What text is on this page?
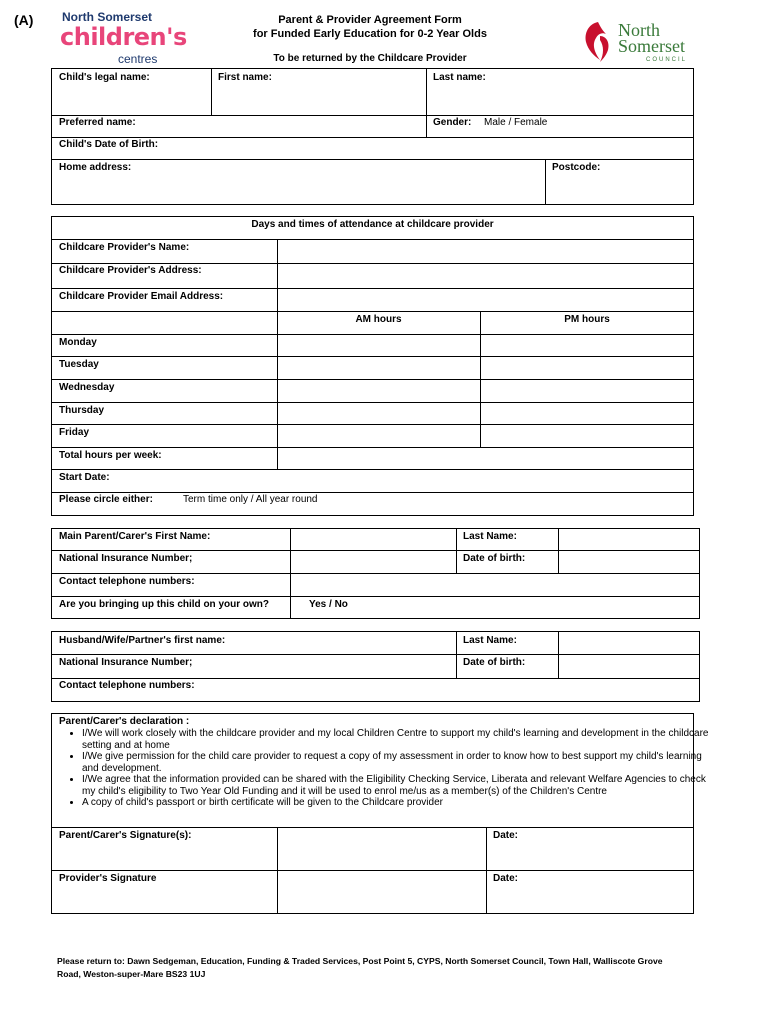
(A) North Somerset
children's
centres
Parent & Provider Agreement Form
for Funded Early Education for 0-2 Year Olds
To be returned by the Childcare Provider
North
Somerset
COUNCIL
Child's legal name:	First name:	Last name:
Preferred name:	Gender: Male / Female
Child's Date of Birth:
Home address:	Postcode:
Days and times of attendance at childcare provider
Childcare Provider's Name:
Childcare Provider's Address:
Childcare Provider Email Address:
AM hours	PM hours
Monday
Tuesday
Wednesday
Thursday
Friday
Total hours per week:
Start Date:
Please circle either:	Term time only / All year round
Main Parent/Carer's First Name:	Last Name:
National Insurance Number;	Date of birth:
Contact telephone numbers:
Are you bringing up this child on your own?	Yes / No
Husband/Wife/Partner's first name:	Last Name:
National Insurance Number;	Date of birth:
Contact telephone numbers:
Parent/Carer's declaration :
• I/We will work closely with the childcare provider and my local Children Centre to support my child's learning and development in the childcare setting and at home
• I/We give permission for the child care provider to request a copy of my assessment in order to know how to best support my child's learning and development.
• I/We agree that the information provided can be shared with the Eligibility Checking Service, Liberata and relevant Welfare Agencies to check my child's eligibility to Two Year Old Funding and it will be used to enrol me/us as a member(s) of the Children's Centre
• A copy of child's passport or birth certificate will be given to the Childcare provider
Parent/Carer's Signature(s):	Date:
Provider's Signature	Date:
Please return to: Dawn Sedgeman, Education, Funding & Traded Services, Post Point 5, CYPS, North Somerset Council, Town Hall, Walliscote Grove
Road, Weston-super-Mare BS23 1UJ
